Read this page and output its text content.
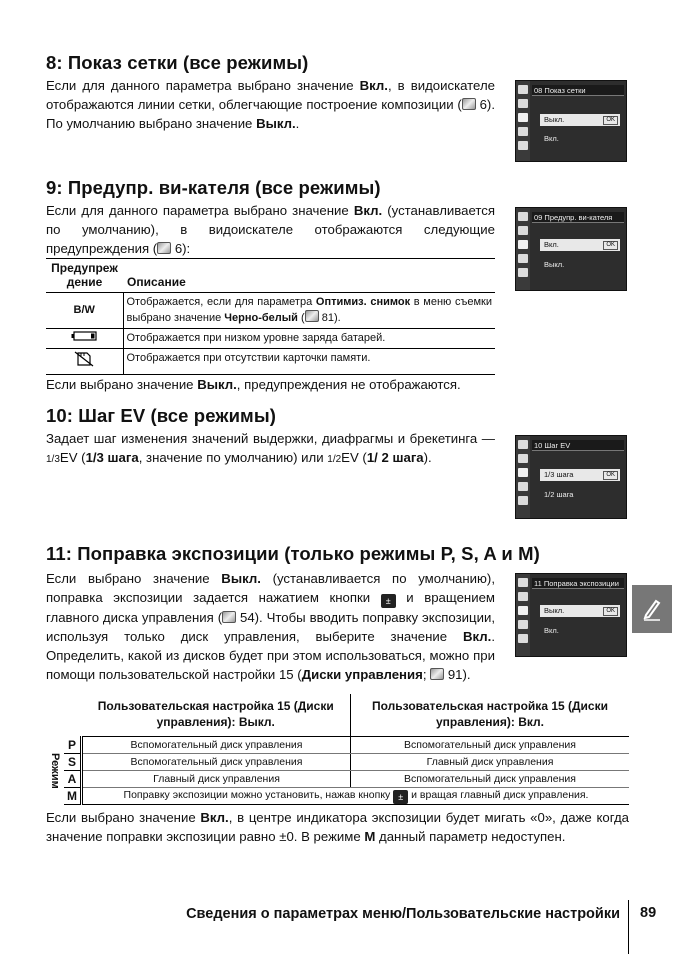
8: Показ сетки (все режимы)
Если для данного параметра выбрано значение Вкл., в видоискателе отображаются линии сетки, облегчающие построение композиции ( 6). По умолчанию выбрано значение Выкл..
08 Показ сетки
Выкл.	OK
Вкл.
9: Предупр. ви-кателя (все режимы)
Если для данного параметра выбрано значение Вкл. (устанавливается по умолчанию), в видоискателе отображаются следующие предупреждения ( 6):
09 Предупр. ви-кателя
Вкл.	OK
Выкл.
Предупреж дение	Описание
B/W	Отображается, если для параметра Оптимиз. снимок в меню съемки выбрано значение Черно-белый ( 81).
	Отображается при низком уровне заряда батарей.
	Отображается при отсутствии карточки памяти.
Если выбрано значение Выкл., предупреждения не отображаются.
10: Шаг EV (все режимы)
Задает шаг изменения значений выдержки, диафрагмы и брекетинга — 1/3EV (1/3 шага, значение по умолчанию) или 1/2EV (1/ 2 шага).
10 Шаг EV
1/3 шага	OK
1/2 шага
11: Поправка экспозиции (только режимы P, S, A и M)
Если выбрано значение Выкл. (устанавливается по умолчанию), поправка экспозиции задается нажатием кнопки ± и вращением главного диска управления ( 54). Чтобы вводить поправку экспозиции, используя только диск управления, выберите значение Вкл.. Определить, какой из дисков будет при этом использоваться, можно при помощи пользовательской настройки 15 (Диски управления;  91).
11 Поправка экспозиции
Выкл.	OK
Вкл.
		Пользовательская настройка 15 (Диски управления): Выкл.	Пользовательская настройка 15 (Диски управления): Вкл.

Режим	P	Вспомогательный диск управления	Вспомогательный диск управления
	S	Вспомогательный диск управления	Главный диск управления
	A	Главный диск управления	Вспомогательный диск управления
	M	Поправку экспозиции можно установить, нажав кнопку ± и вращая главный диск управления.	
Если выбрано значение Вкл., в центре индикатора экспозиции будет мигать «0», даже когда значение поправки экспозиции равно ±0. В режиме M данный параметр недоступен.
Сведения о параметрах меню/Пользовательские настройки	89
